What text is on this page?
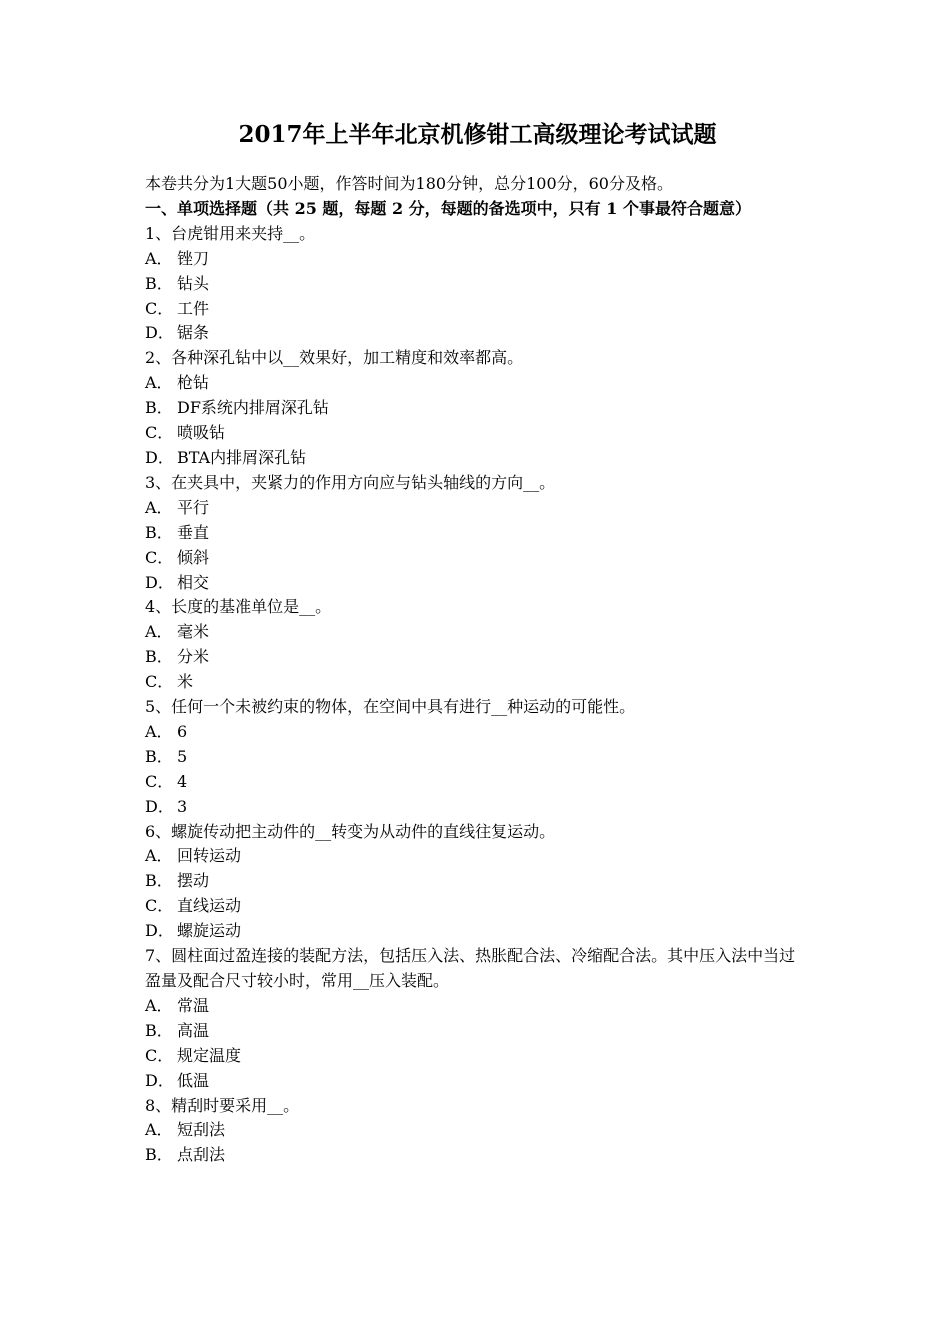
2017年上半年北京机修钳工高级理论考试试题
本卷共分为1大题50小题，作答时间为180分钟，总分100分，60分及格。
一、单项选择题（共 25 题，每题 2 分，每题的备选项中，只有 1 个事最符合题意）
1、台虎钳用来夹持__。
A． 锉刀
B． 钻头
C． 工件
D． 锯条
2、各种深孔钻中以__效果好，加工精度和效率都高。
A． 枪钻
B． DF系统内排屑深孔钻
C． 喷吸钻
D． BTA内排屑深孔钻
3、在夹具中，夹紧力的作用方向应与钻头轴线的方向__。
A． 平行
B． 垂直
C． 倾斜
D． 相交
4、长度的基准单位是__。
A． 毫米
B． 分米
C． 米
5、任何一个未被约束的物体，在空间中具有进行__种运动的可能性。
A． 6
B． 5
C． 4
D． 3
6、螺旋传动把主动件的__转变为从动件的直线往复运动。
A． 回转运动
B． 摆动
C． 直线运动
D． 螺旋运动
7、圆柱面过盈连接的装配方法，包括压入法、热胀配合法、冷缩配合法。其中压入法中当过盈量及配合尺寸较小时，常用__压入装配。
A． 常温
B． 高温
C． 规定温度
D． 低温
8、精刮时要采用__。
A． 短刮法
B． 点刮法
